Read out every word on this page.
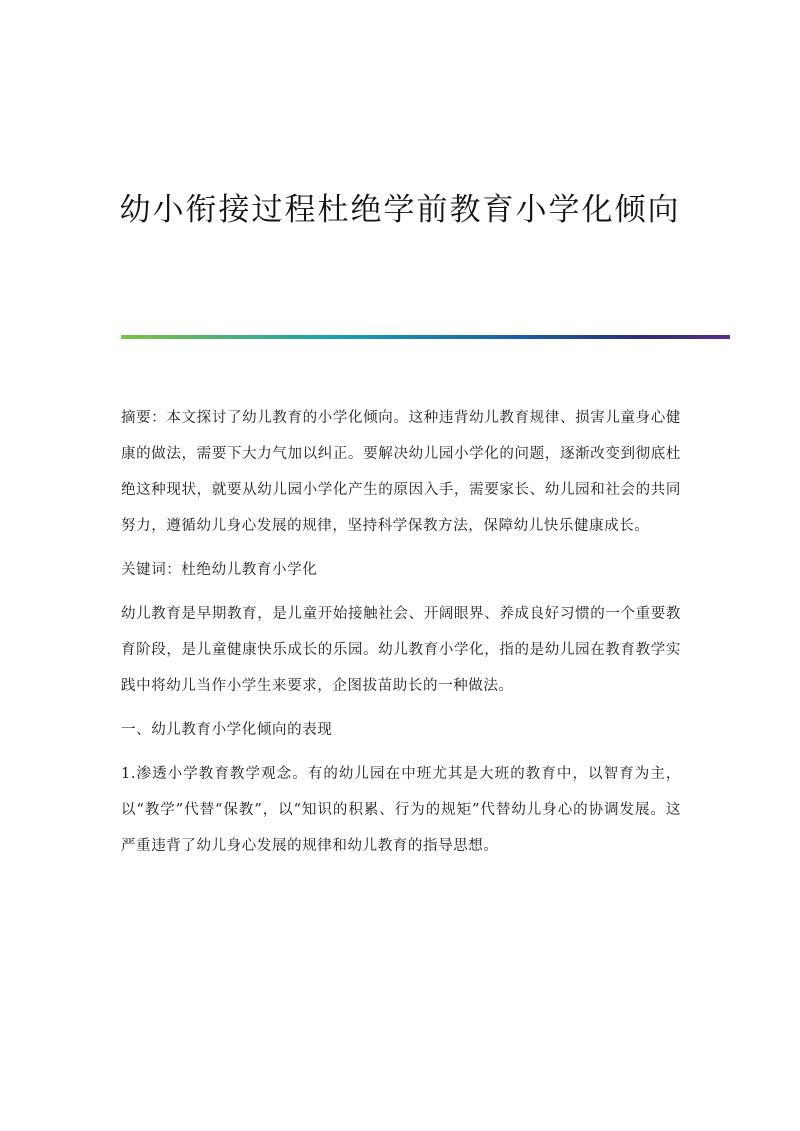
幼小衔接过程杜绝学前教育小学化倾向

摘要：本文探讨了幼儿教育的小学化倾向。这种违背幼儿教育规律、损害儿童身心健康的做法，需要下大力气加以纠正。要解决幼儿园小学化的问题，逐渐改变到彻底杜绝这种现状，就要从幼儿园小学化产生的原因入手，需要家长、幼儿园和社会的共同努力，遵循幼儿身心发展的规律，坚持科学保教方法，保障幼儿快乐健康成长。

关键词：杜绝幼儿教育小学化

幼儿教育是早期教育，是儿童开始接触社会、开阔眼界、养成良好习惯的一个重要教育阶段，是儿童健康快乐成长的乐园。幼儿教育小学化，指的是幼儿园在教育教学实践中将幼儿当作小学生来要求，企图拔苗助长的一种做法。

一、幼儿教育小学化倾向的表现

1.渗透小学教育教学观念。有的幼儿园在中班尤其是大班的教育中，以智育为主，以“教学”代替“保教”，以“知识的积累、行为的规矩”代替幼儿身心的协调发展。这严重违背了幼儿身心发展的规律和幼儿教育的指导思想。
